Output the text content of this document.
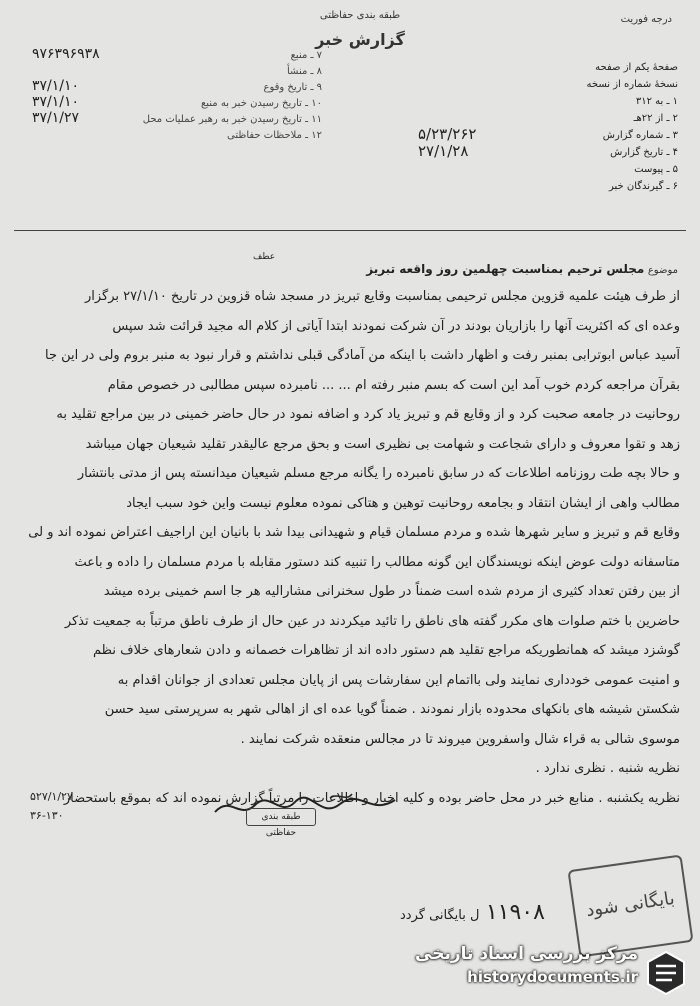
طبقه بندی حفاظتی
گزارش خبر
درجه فوریت
۷ ـ منبع
۹۷۶۳۹۶۹۳۸
۸ ـ منشأ
۹ ـ تاریخ وقوع
۳۷/۱/۱۰
۱۰ ـ تاریخ رسیدن خبر به منبع
۳۷/۱/۱۰
۱۱ ـ تاریخ رسیدن خبر به رهبر عملیات محل
۳۷/۱/۲۷
۱۲ ـ ملاحظات حفاظتی
صفحهٔ یکم از صفحه
نسخهٔ شماره از نسخه
۱ ـ به ۳۱۲
۲ ـ از ۲۲هـ
۳ ـ شماره گزارش
۵/۲۳/۲۶۲
۴ ـ تاریخ گزارش
۲۷/۱/۲۸
۵ ـ پیوست
۶ ـ گیرندگان خبر
موضوع مجلس ترحیم بمناسبت چهلمین روز واقعه تبریز
عطف
از طرف هیئت علمیه قزوین مجلس ترحیمی بمناسبت وقایع تبریز در مسجد شاه قزوین در تاریخ ۲۷/۱/۱۰ برگزار
وعده ای که اکثریت آنها را بازاریان بودند در آن شرکت نمودند ابتدا آیاتی از کلام اله مجید قرائت شد سپس
آسید عباس ابوترابی بمنبر رفت و اظهار داشت با اینکه من آمادگی قبلی نداشتم و قرار نبود به منبر بروم ولی در این جا
بقرآن مراجعه کردم خوب آمد این است که بسم منبر رفته ام ... ... نامبرده سپس مطالبی در خصوص مقام
روحانیت در جامعه صحبت کرد و از وقایع قم و تبریز یاد کرد و اضافه نمود در حال حاضر خمینی در بین مراجع تقلید به
زهد و تقوا معروف و دارای شجاعت و شهامت بی نظیری است و بحق مرجع عالیقدر تقلید شیعیان جهان میباشد
و حالا بچه طت روزنامه اطلاعات که در سابق نامبرده را یگانه مرجع مسلم شیعیان میدانسته پس از مدتی بانتشار
مطالب واهی از ایشان انتقاد و بجامعه روحانیت توهین و هتاکی نموده معلوم نیست واین خود سبب ایجاد
وقایع قم و تبریز و سایر شهرها شده و مردم مسلمان قیام و شهیدانی بیدا شد با بانیان این اراجیف اعتراض نموده اند و لی
متاسفانه دولت عوض اینکه نویسندگان این گونه مطالب را تنبیه کند دستور مقابله با مردم مسلمان را داده و باعث
از بین رفتن تعداد کثیری از مردم شده است ضمناً در طول سخنرانی مشارالیه هر جا اسم خمینی برده میشد
حاضرین با ختم صلوات های مکرر گفته های ناطق را تائید میکردند در عین حال از طرف ناطق مرتباً به جمعیت تذکر
گوشزد میشد که همانطوریکه مراجع تقلید هم دستور داده اند از تظاهرات خصمانه و دادن شعارهای خلاف نظم
و امنیت عمومی خودداری نمایند ولی بااتمام این سفارشات پس از پایان مجلس تعدادی از جوانان اقدام به
شکستن شیشه های بانکهای محدوده بازار نمودند . ضمناً گویا عده ای از اهالی شهر به سرپرستی سید حسن
موسوی شالی به قراء شال واسفروین میروند تا در مجالس منعقده شرکت نمایند .
نظریه شنبه . نظری ندارد .
نظریه یکشنبه . منابع خبر در محل حاضر بوده و کلیه اخبار و اطلاعات را مرتباً گزارش نموده اند که بموقع باستحضار
طبقه بندی حفاظتی
۵۲۷/۱/۲۷
۳۶-۱۳۰
۱۱۹۰۸ ل بایگانی گردد	بایگانی شود
مرکز بررسی اسناد تاریخی
historydocuments.ir
